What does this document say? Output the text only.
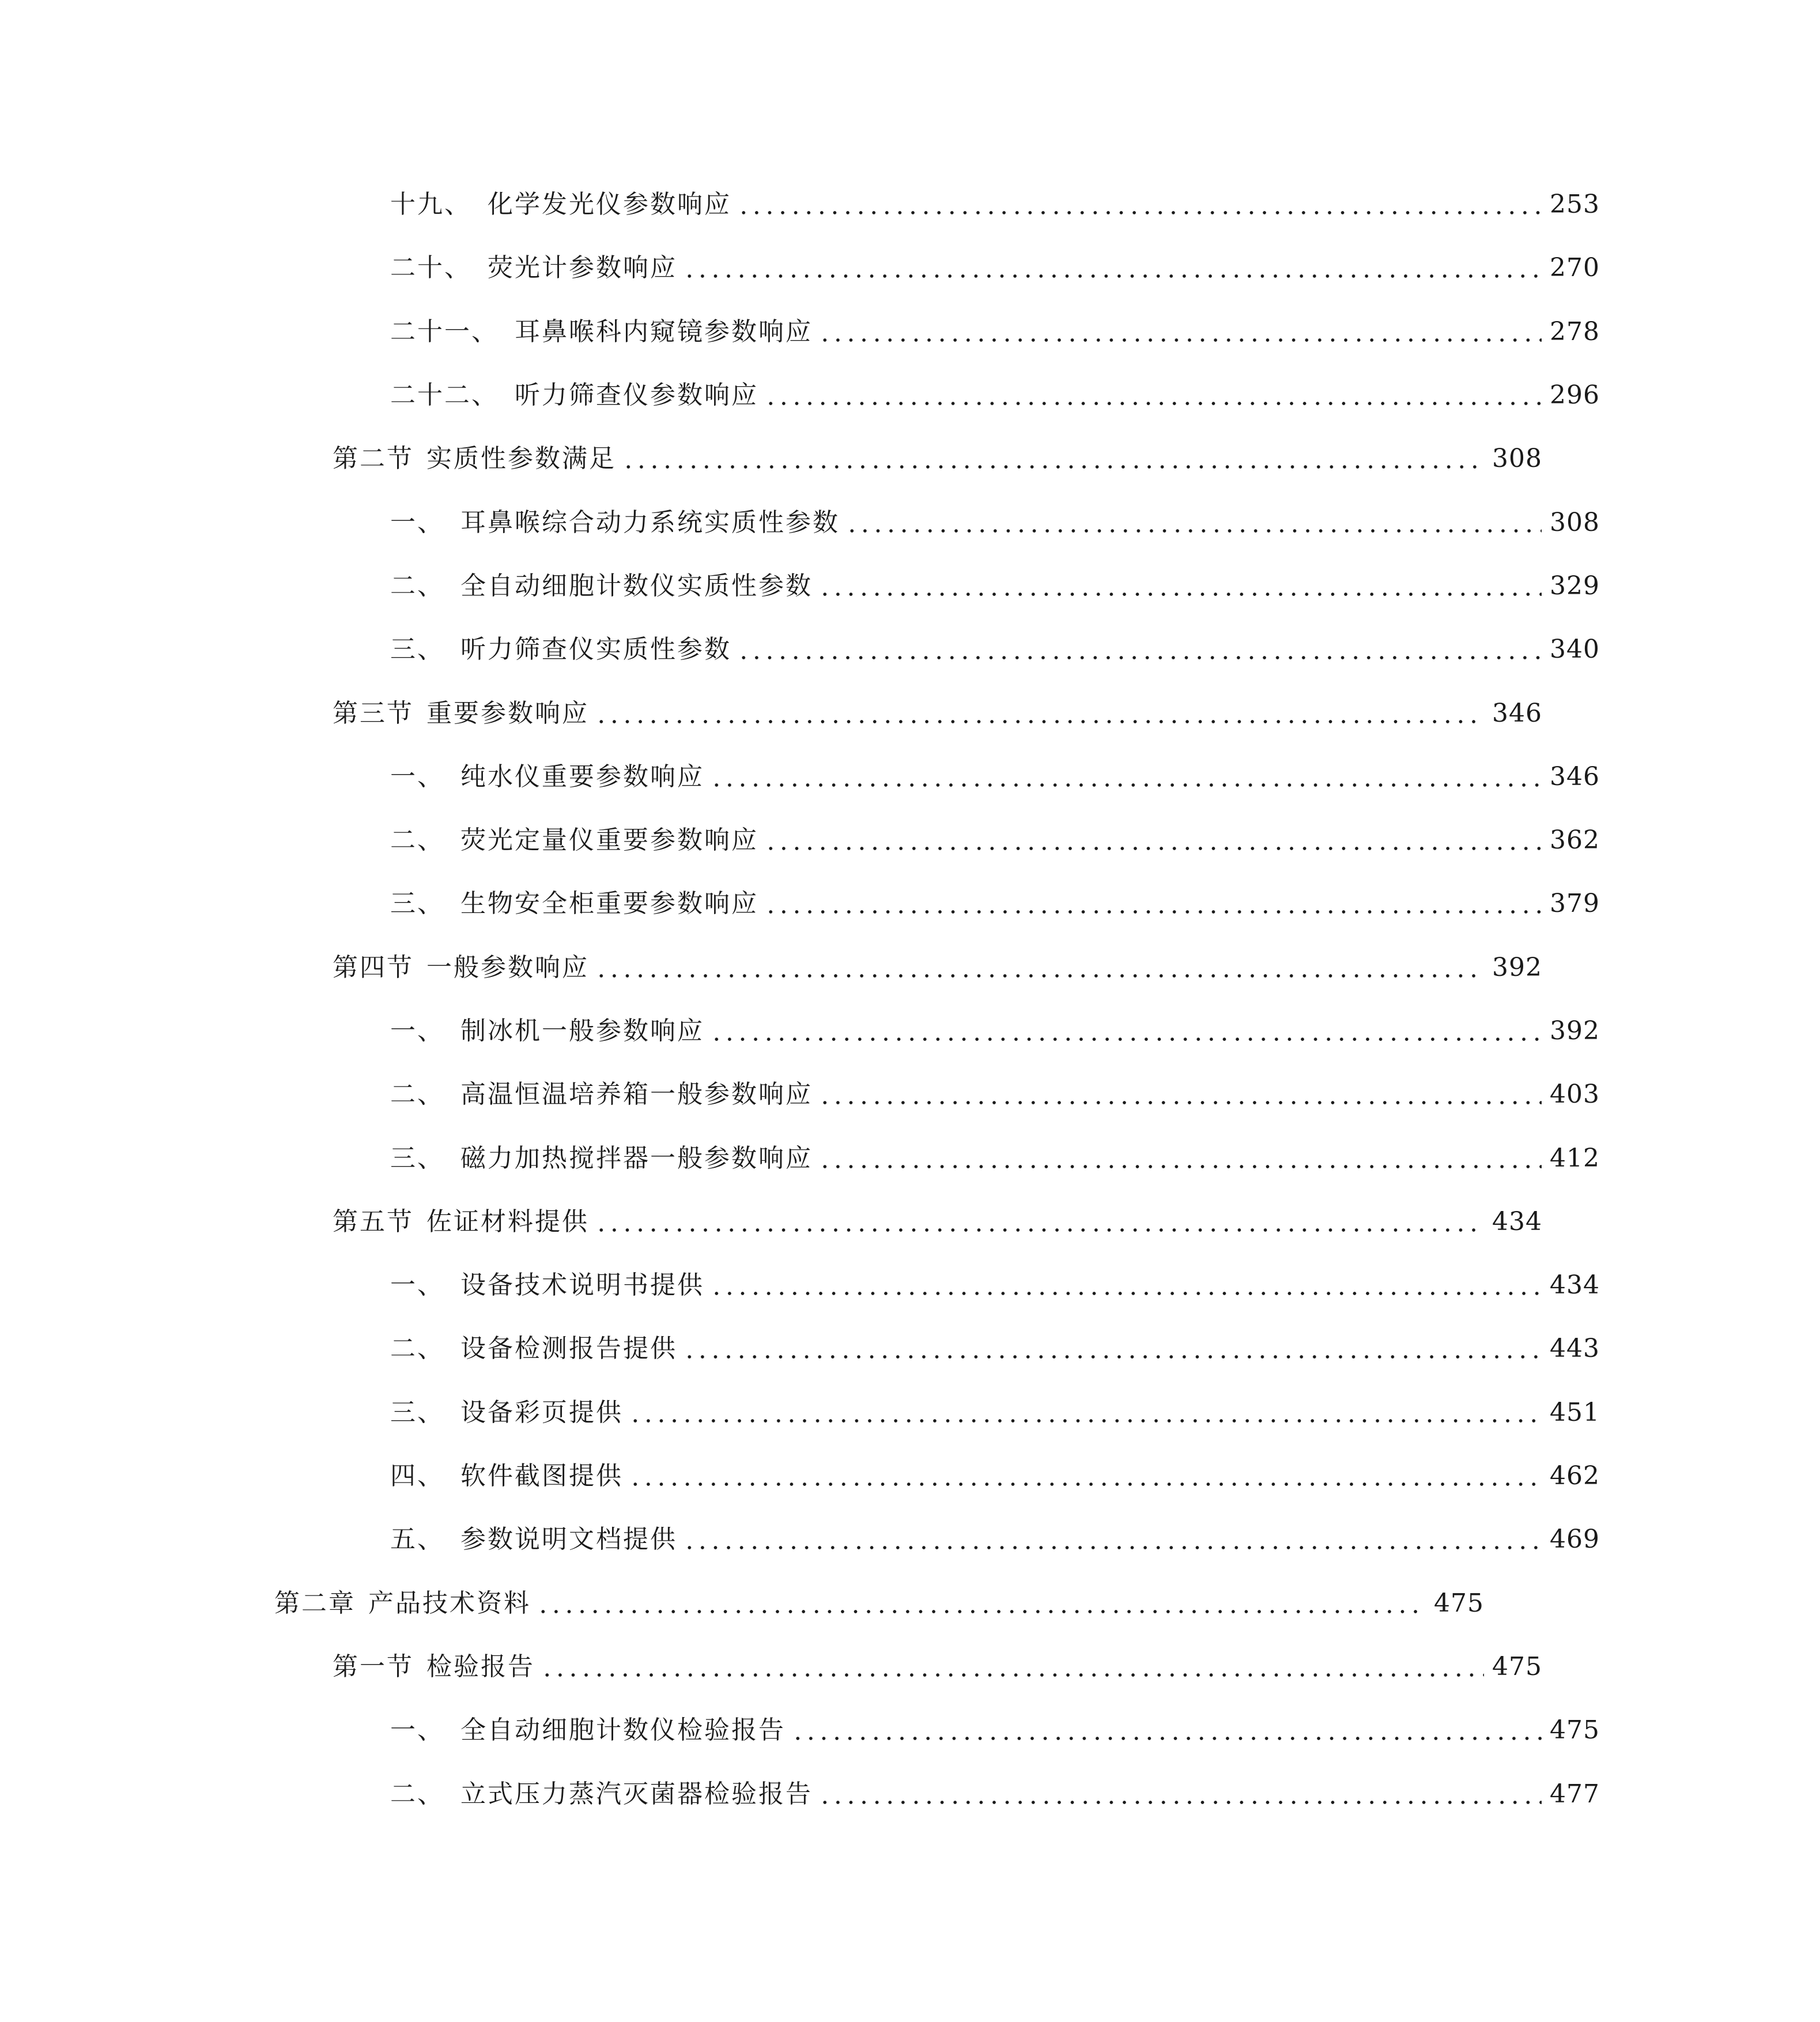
十九、 化学发光仪参数响应	253
二十、 荧光计参数响应	270
二十一、 耳鼻喉科内窥镜参数响应	278
二十二、 听力筛查仪参数响应	296
第二节 实质性参数满足	308
一、 耳鼻喉综合动力系统实质性参数	308
二、 全自动细胞计数仪实质性参数	329
三、 听力筛查仪实质性参数	340
第三节 重要参数响应	346
一、 纯水仪重要参数响应	346
二、 荧光定量仪重要参数响应	362
三、 生物安全柜重要参数响应	379
第四节 一般参数响应	392
一、 制冰机一般参数响应	392
二、 高温恒温培养箱一般参数响应	403
三、 磁力加热搅拌器一般参数响应	412
第五节 佐证材料提供	434
一、 设备技术说明书提供	434
二、 设备检测报告提供	443
三、 设备彩页提供	451
四、 软件截图提供	462
五、 参数说明文档提供	469
第二章 产品技术资料	475
第一节 检验报告	475
一、 全自动细胞计数仪检验报告	475
二、 立式压力蒸汽灭菌器检验报告	477
